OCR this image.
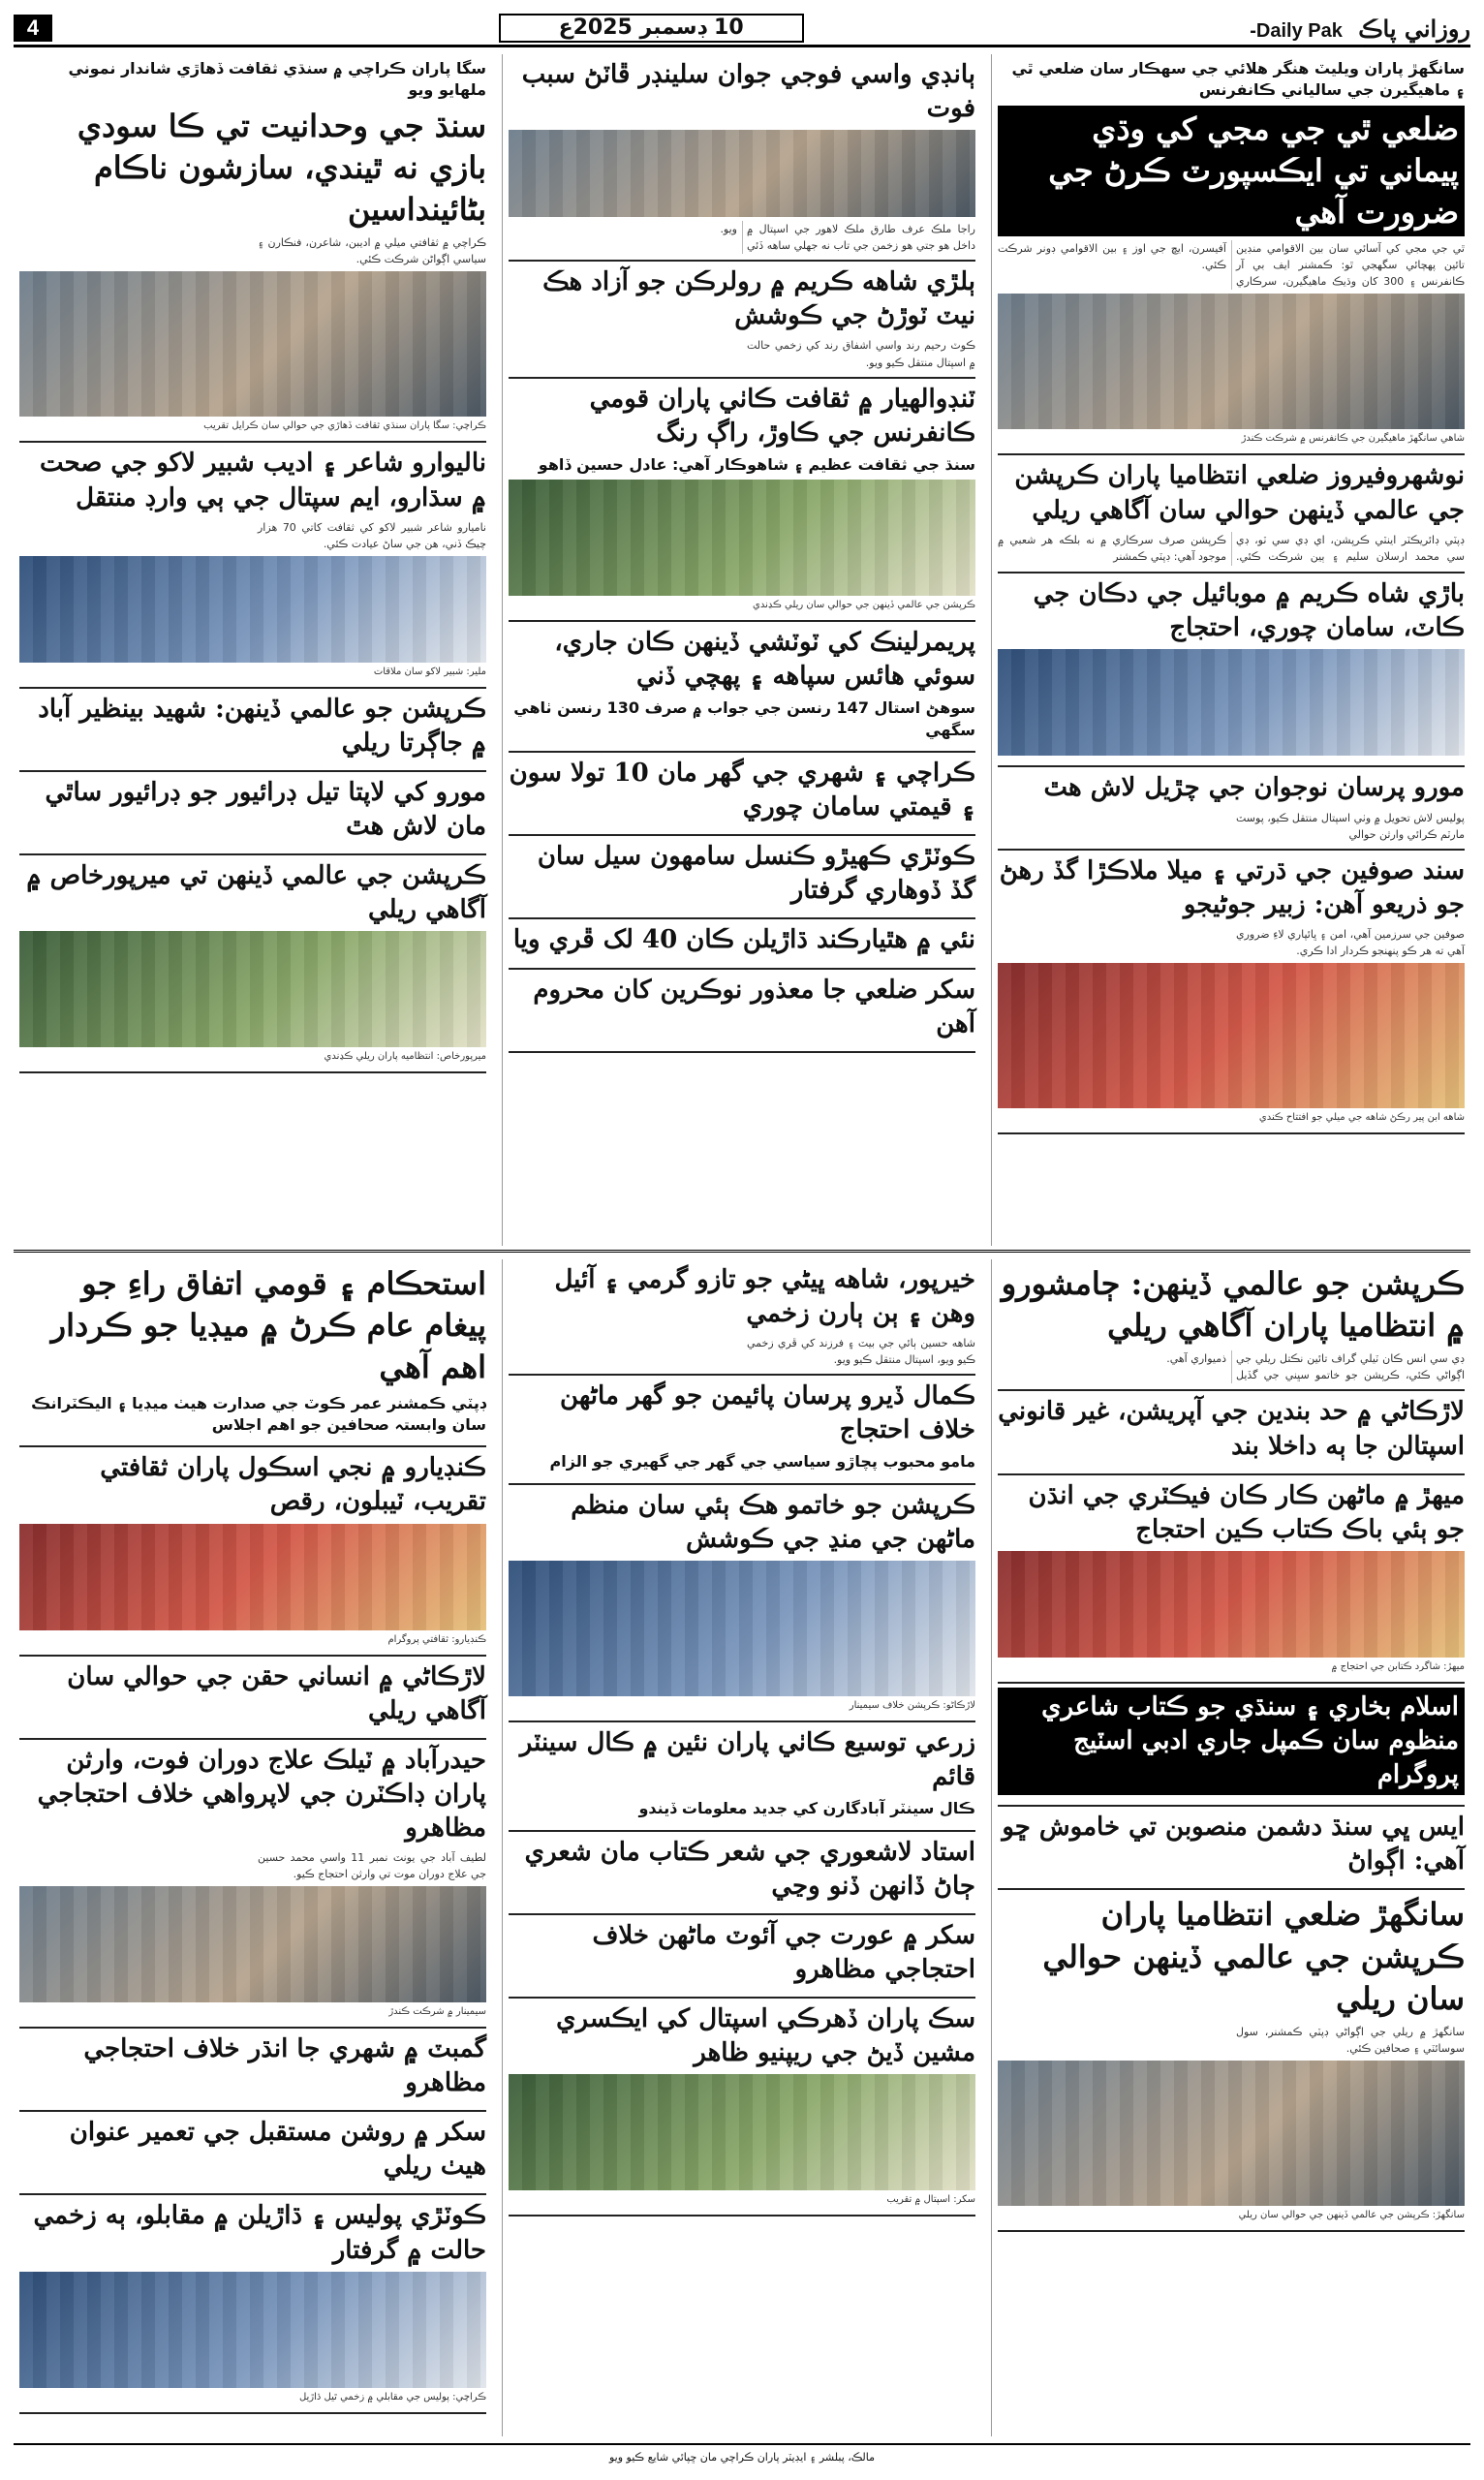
روزاني پاڪ Daily Pak-
10 ڊسمبر 2025ع
4
سانگهڙ پاران ويليٽ هنگر هلائي جي سهڪار سان ضلعي ٿي ۽ ماهيگيرن جي سالياني ڪانفرنس
ضلعي ٿي جي مجي کي وڌي پيماني تي ايڪسپورٽ ڪرڻ جي ضرورت آهي

ٿي جي مجي کي آسائي سان بين الاقوامي منڊين تائين پهچائي سگهجي ٿو: ڪمشنر ايف بي آر ڪانفرنس ۽ 300 کان وڌيڪ ماهيگيرن، سرڪاري آفيسرن، ايڇ جي اوز ۽ بين الاقوامي ڊونر شرڪت ڪئي.

شاهي سانگهڙ ماهيگيرن جي ڪانفرنس ۾ شرڪت ڪندڙ
نوشهروفيروز ضلعي انتظاميا پاران ڪرپشن جي عالمي ڏينهن حوالي سان آگاهي ريلي

ڊپٽي ڊائريڪٽر اينٽي ڪرپشن، اي ڊي سي ٽو، ڊي سي محمد ارسلان سليم ۽ ٻين شرڪت ڪئي. ڪرپشن صرف سرڪاري ۾ نه بلڪه هر شعبي ۾ موجود آهي: ڊپٽي ڪمشنر

باڙي شاه ڪريم ۾ موبائيل جي دڪان جي ڪاٽ، سامان چوري، احتجاج
مورو پرسان نوجوان جي چڙيل لاش هٿ

پوليس لاش تحويل ۾ وٺي اسپتال منتقل ڪيو، پوسٽ مارٽم ڪرائي وارثن حوالي

سند صوفين جي ڌرتي ۽ ميلا ملاڪڙا گڏ رهڻ جو ذريعو آهن: زبير جوڻيجو

صوفين جي سرزمين آهي، امن ۽ ڀائپاري لاءِ ضروري آهي ته هر ڪو پنهنجو ڪردار ادا ڪري.

شاهه ابن پير رڪڻ شاهه جي ميلي جو افتتاح ڪندي
ٻانڊي واسي فوجي جوان سلينڊر ڦاٽڻ سبب فوت

راجا ملڪ عرف طارق ملڪ لاهور جي اسپتال ۾ داخل هو جتي هو زخمن جي تاب نه جهلي ساهه ڏئي ويو.

ٻلڙي شاهه ڪريم ۾ رولرڪن جو آزاد هڪ نيٽ ٽوڙڻ جي ڪوشش

ڪوٽ رحيم رند واسي اشفاق رند کي زخمي حالت ۾ اسپتال منتقل ڪيو ويو.

ٽنڊوالهيار ۾ ثقافت ڪاٺي پاران قومي ڪانفرنس جي ڪاوڙ، راڳ رنگ
سنڌ جي ثقافت عظيم ۽ شاهوڪار آهي: عادل حسين ڏاهو
ڪرپشن جي عالمي ڏينهن جي حوالي سان ريلي ڪڍندي
پريمرلينڪ کي ٽوٽشي ڏينهن ڪان جاري، سوئي هائس سپاهه ۽ پهچي ڏني
سوهڻ استال 147 رنسن جي جواب ۾ صرف 130 رنسن ٺاهي سگهي
ڪراچي ۽ شهري جي گهر مان 10 تولا سون ۽ قيمتي سامان چوري
ڪوٽڙي ڪهيڙو ڪنسل سامهون سيل سان گڏ ڏوهاري گرفتار
نئي ۾ هٿيارڪند ڌاڙيلن ڪان 40 لک ڦري ويا
سکر ضلعي جا معذور نوڪرين کان محروم آهن
سگا پاران ڪراچي ۾ سنڌي ثقافت ڏهاڙي شاندار نموني ملهايو ويو
سنڌ جي وحدانيت تي ڪا سودي بازي نه ٿيندي، سازشون ناڪام بڻائينداسين

ڪراچي ۾ ثقافتي ميلي ۾ اديبن، شاعرن، فنڪارن ۽ سياسي اڳواڻن شرڪت ڪئي.

ڪراچي: سگا پاران سنڌي ثقافت ڏهاڙي جي حوالي سان ڪرايل تقريب
ناليوارو شاعر ۽ اديب شبير لاکو جي صحت ۾ سڌارو، ايم سپتال جي ٻي وارڊ منتقل

ناميارو شاعر شبير لاکو کي ثقافت کاتي 70 هزار چيڪ ڏني، هن جي ساڻ عيادت ڪئي.

ملير: شبير لاکو سان ملاقات
ڪرپشن جو عالمي ڏينهن: شهيد بينظير آباد ۾ جاڳرتا ريلي
مورو کي لاپتا تيل ڊرائيور جو ڊرائيور ساٿي مان لاش هٿ
ڪرپشن جي عالمي ڏينهن تي ميرپورخاص ۾ آگاهي ريلي
ميرپورخاص: انتظاميه پاران ريلي ڪڍندي
ڪرپشن جو عالمي ڏينهن: ڄامشورو ۾ انتظاميا پاران آگاهي ريلي

ڊي سي انس ڪان ٽيلي گراف تائين نڪتل ريلي جي اڳواڻي ڪئي، ڪرپشن جو خاتمو سڀني جي گڏيل ذميواري آهي.

لاڙڪاڻي ۾ حد بندين جي آپريشن، غير قانوني اسپتالن جا ٻه داخلا بند
ميهڙ ۾ ماڻهن ڪار ڪان فيڪٽري جي انڌن جو ٻئي باڪ ڪتاب ڪين احتجاج
ميهڙ: شاگرد ڪتابن جي احتجاج ۾
اسلام بخاري ۽ سنڌي جو ڪتاب شاعري منظوم سان ڪمپل جاري ادبي اسٽيج پروگرام
ايس ڀي سنڌ دشمن منصوبن تي خاموش ڇو آهي: اڳواڻ
سانگهڙ ضلعي انتظاميا پاران ڪرپشن جي عالمي ڏينهن حوالي سان ريلي

سانگهڙ ۾ ريلي جي اڳواڻي ڊپٽي ڪمشنر، سول سوسائٽي ۽ صحافين ڪئي.

سانگهڙ: ڪرپشن جي عالمي ڏينهن جي حوالي سان ريلي
خيرپور، شاهه ڀيڻي جو تازو گرمي ۽ آئيل وهن ۽ ٻن ٻارن زخمي

شاهه حسين ٻائي جي بيٽ ۽ فرزند کي ڦري زخمي ڪيو ويو، اسپتال منتقل ڪيو ويو.

ڪمال ڏيرو پرسان پائيمن جو گهر ماڻهن خلاف احتجاج
مامو محبوب پچاڙو سياسي جي گهر جي گهيري جو الزام
ڪرپشن جو خاتمو هڪ ٻئي سان منظم ماڻهن جي منڍ جي ڪوشش
لاڙڪاڻو: ڪرپشن خلاف سيمينار
زرعي توسيع ڪاٺي پاران نئين ۾ ڪال سينٽر قائم
ڪال سينٽر آبادگارن کي جديد معلومات ڏيندو
استاد لاشعوري جي شعر ڪتاب مان شعري ڄاڻ ڏانهن ڏنو وڃي
سکر ۾ عورت جي آئوٽ ماڻهن خلاف احتجاجي مظاهرو
سڪ پاران ڏهرڪي اسپتال کي ايڪسري مشين ڏيڻ جي ريپنيو ظاهر
سکر: اسپتال ۾ تقريب
استحڪام ۽ قومي اتفاق راءِ جو پيغام عام ڪرڻ ۾ ميڊيا جو ڪردار اهم آهي
ڊپٽي ڪمشنر عمر ڪوٽ جي صدارت هيٺ ميڊيا ۽ اليڪٽرانڪ سان وابستہ صحافين جو اهم اجلاس
ڪنڊيارو ۾ نجي اسڪول پاران ثقافتي تقريب، ٽيبلون، رقص
ڪنڊيارو: ثقافتي پروگرام
لاڙڪاڻي ۾ انساني حقن جي حوالي سان آگاهي ريلي
حيدرآباد ۾ ٽيلڪ علاج دوران فوت، وارثن پاران ڊاڪٽرن جي لاپرواهي خلاف احتجاجي مظاهرو

لطيف آباد جي يونٽ نمبر 11 واسي محمد حسين جي علاج دوران موت تي وارثن احتجاج ڪيو.

سيمينار ۾ شرڪت ڪندڙ
گمبٽ ۾ شهري جا انڌر خلاف احتجاجي مظاهرو
سکر ۾ روشن مستقبل جي تعمير عنوان هيٺ ريلي
ڪوٽڙي پوليس ۽ ڌاڙيلن ۾ مقابلو، ٻه زخمي حالت ۾ گرفتار
ڪراچي: پوليس جي مقابلي ۾ زخمي ٿيل ڌاڙيل
مالڪ، پبلشر ۽ ايڊيٽر پاران ڪراچي مان ڇپائي شايع ڪيو ويو
